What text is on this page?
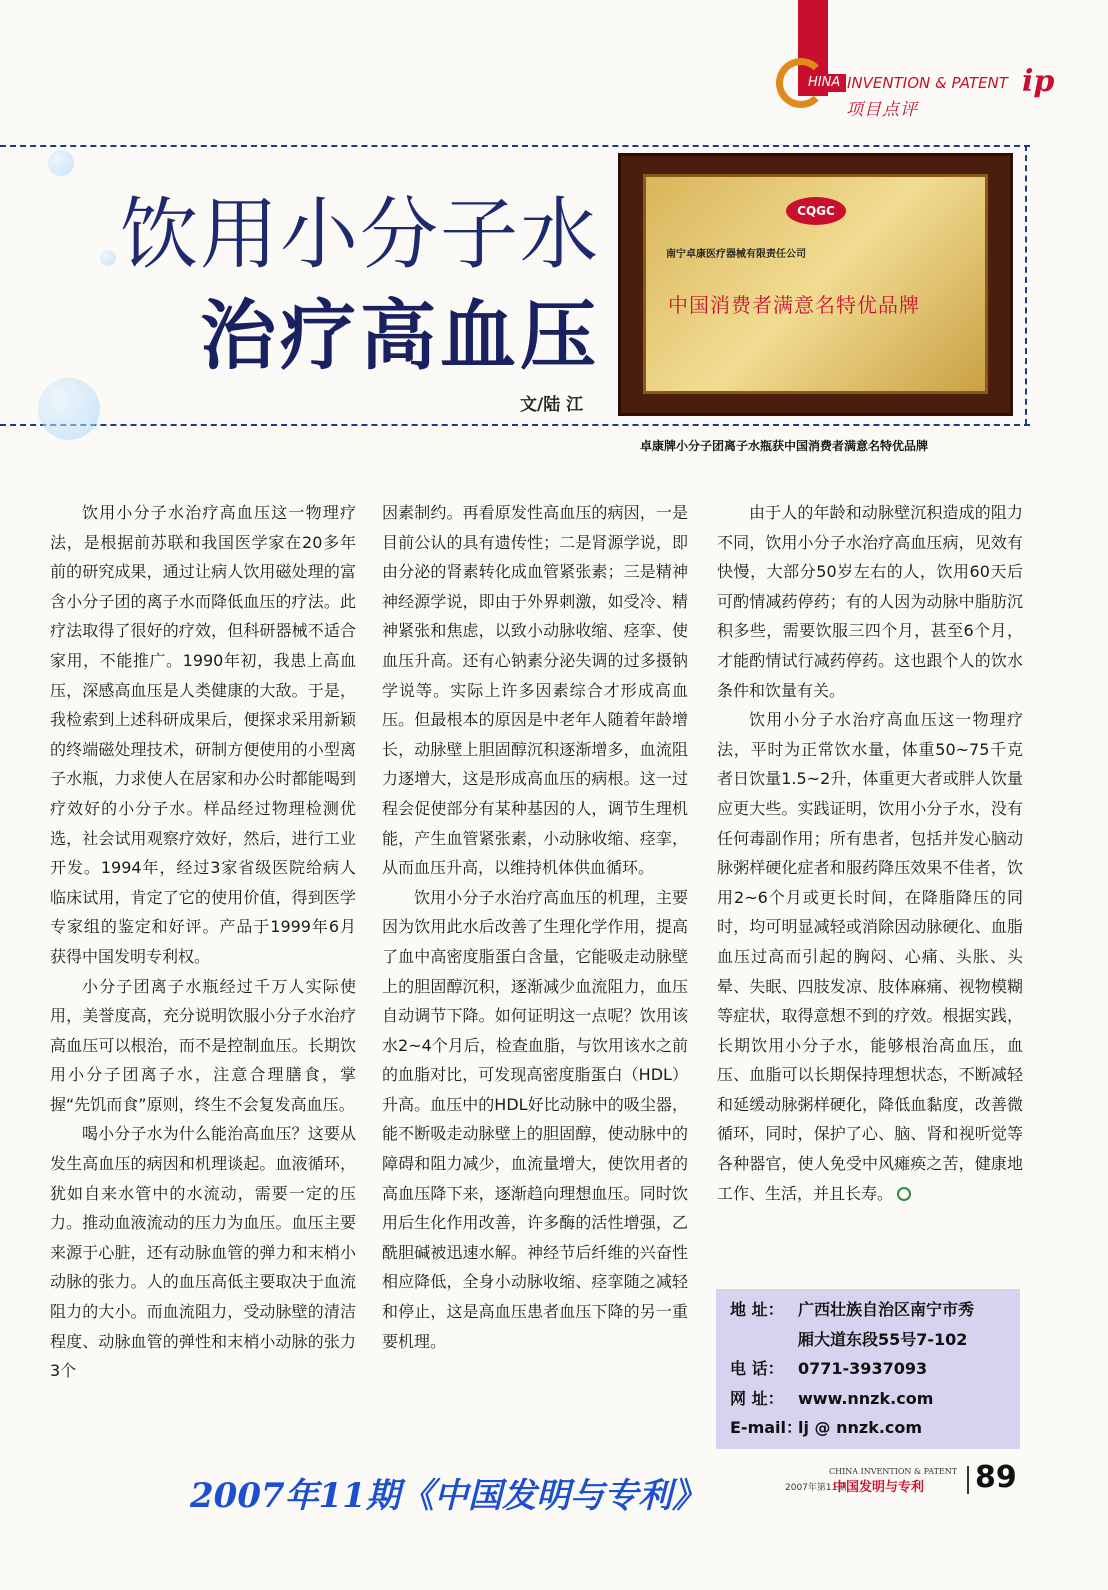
HINA INVENTION & PATENT ip
项目点评
饮用小分子水
治疗高血压
文/陆 江
CQGC
南宁卓康医疗器械有限责任公司
中国消费者满意名特优品牌
卓康牌小分子团离子水瓶获中国消费者满意名特优品牌

饮用小分子水治疗高血压这一物理疗法，是根据前苏联和我国医学家在20多年前的研究成果，通过让病人饮用磁处理的富含小分子团的离子水而降低血压的疗法。此疗法取得了很好的疗效，但科研器械不适合家用，不能推广。1990年初，我患上高血压，深感高血压是人类健康的大敌。于是，我检索到上述科研成果后，便探求采用新颖的终端磁处理技术，研制方便使用的小型离子水瓶，力求使人在居家和办公时都能喝到疗效好的小分子水。样品经过物理检测优选，社会试用观察疗效好，然后，进行工业开发。1994年，经过3家省级医院给病人临床试用，肯定了它的使用价值，得到医学专家组的鉴定和好评。产品于1999年6月获得中国发明专利权。

小分子团离子水瓶经过千万人实际使用，美誉度高，充分说明饮服小分子水治疗高血压可以根治，而不是控制血压。长期饮用小分子团离子水，注意合理膳食，掌握“先饥而食”原则，终生不会复发高血压。

喝小分子水为什么能治高血压？这要从发生高血压的病因和机理谈起。血液循环，犹如自来水管中的水流动，需要一定的压力。推动血液流动的压力为血压。血压主要来源于心脏，还有动脉血管的弹力和末梢小动脉的张力。人的血压高低主要取决于血流阻力的大小。而血流阻力，受动脉壁的清洁程度、动脉血管的弹性和末梢小动脉的张力3个

因素制约。再看原发性高血压的病因，一是目前公认的具有遗传性；二是肾源学说，即由分泌的肾素转化成血管紧张素；三是精神神经源学说，即由于外界刺激，如受冷、精神紧张和焦虑，以致小动脉收缩、痉挛、使血压升高。还有心钠素分泌失调的过多摄钠学说等。实际上许多因素综合才形成高血压。但最根本的原因是中老年人随着年龄增长，动脉壁上胆固醇沉积逐渐增多，血流阻力逐增大，这是形成高血压的病根。这一过程会促使部分有某种基因的人，调节生理机能，产生血管紧张素，小动脉收缩、痉挛，从而血压升高，以维持机体供血循环。

饮用小分子水治疗高血压的机理，主要因为饮用此水后改善了生理化学作用，提高了血中高密度脂蛋白含量，它能吸走动脉壁上的胆固醇沉积，逐渐减少血流阻力，血压自动调节下降。如何证明这一点呢？饮用该水2~4个月后，检查血脂，与饮用该水之前的血脂对比，可发现高密度脂蛋白（HDL）升高。血压中的HDL好比动脉中的吸尘器，能不断吸走动脉壁上的胆固醇，使动脉中的障碍和阻力减少，血流量增大，使饮用者的高血压降下来，逐渐趋向理想血压。同时饮用后生化作用改善，许多酶的活性增强，乙酰胆碱被迅速水解。神经节后纤维的兴奋性相应降低，全身小动脉收缩、痉挛随之减轻和停止，这是高血压患者血压下降的另一重要机理。

由于人的年龄和动脉壁沉积造成的阻力不同，饮用小分子水治疗高血压病，见效有快慢，大部分50岁左右的人，饮用60天后可酌情减药停药；有的人因为动脉中脂肪沉积多些，需要饮服三四个月，甚至6个月，才能酌情试行减药停药。这也跟个人的饮水条件和饮量有关。

饮用小分子水治疗高血压这一物理疗法，平时为正常饮水量，体重50~75千克者日饮量1.5~2升，体重更大者或胖人饮量应更大些。实践证明，饮用小分子水，没有任何毒副作用；所有患者，包括并发心脑动脉粥样硬化症者和服药降压效果不佳者，饮用2~6个月或更长时间，在降脂降压的同时，均可明显减轻或消除因动脉硬化、血脂血压过高而引起的胸闷、心痛、头胀、头晕、失眠、四肢发凉、肢体麻痛、视物模糊等症状，取得意想不到的疗效。根据实践，长期饮用小分子水，能够根治高血压，血压、血脂可以长期保持理想状态，不断减轻和延缓动脉粥样硬化，降低血黏度，改善微循环，同时，保护了心、脑、肾和视听觉等各种器官，使人免受中风瘫痪之苦，健康地工作、生活，并且长寿。

地 址： 广西壮族自治区南宁市秀
厢大道东段55号7-102
电 话： 0771-3937093
网 址： www.nnzk.com
E-mail：
lj @ nnzk.com
2007年11期《中国发明与专利》
CHINA INVENTION & PATENT
2007年第11期
中国发明与专利 89
